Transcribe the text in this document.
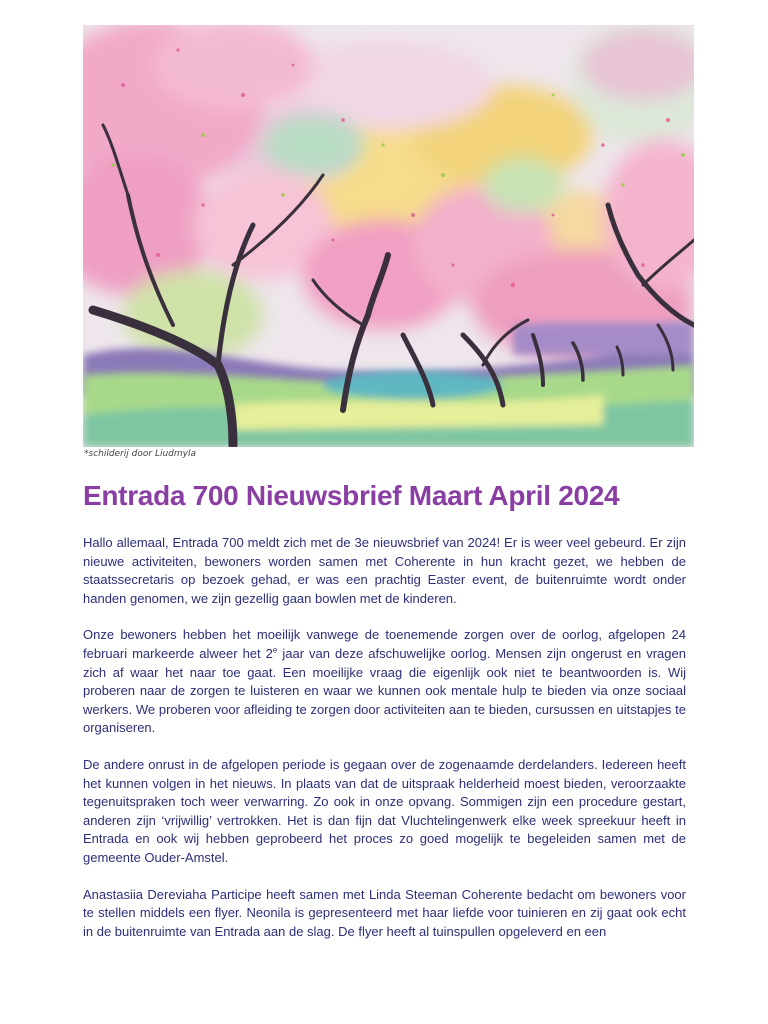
*schilderij door Liudmyla
Entrada 700 Nieuwsbrief Maart April 2024

Hallo allemaal, Entrada 700 meldt zich met de 3e nieuwsbrief van 2024! Er is weer veel gebeurd. Er zijn nieuwe activiteiten, bewoners worden samen met Coherente in hun kracht gezet, we hebben de staatssecretaris op bezoek gehad, er was een prachtig Easter event, de buitenruimte wordt onder handen genomen, we zijn gezellig gaan bowlen met de kinderen.

Onze bewoners hebben het moeilijk vanwege de toenemende zorgen over de oorlog, afgelopen 24 februari markeerde alweer het 2e jaar van deze afschuwelijke oorlog. Mensen zijn ongerust en vragen zich af waar het naar toe gaat. Een moeilijke vraag die eigenlijk ook niet te beantwoorden is. Wij proberen naar de zorgen te luisteren en waar we kunnen ook mentale hulp te bieden via onze sociaal werkers. We proberen voor afleiding te zorgen door activiteiten aan te bieden, cursussen en uitstapjes te organiseren.

De andere onrust in de afgelopen periode is gegaan over de zogenaamde derdelanders. Iedereen heeft het kunnen volgen in het nieuws. In plaats van dat de uitspraak helderheid moest bieden, veroorzaakte tegenuitspraken toch weer verwarring. Zo ook in onze opvang. Sommigen zijn een procedure gestart, anderen zijn ‘vrijwillig’ vertrokken. Het is dan fijn dat Vluchtelingenwerk elke week spreekuur heeft in Entrada en ook wij hebben geprobeerd het proces zo goed mogelijk te begeleiden samen met de gemeente Ouder-Amstel.

Anastasiia Dereviaha Participe heeft samen met Linda Steeman Coherente bedacht om bewoners voor te stellen middels een flyer. Neonila is gepresenteerd met haar liefde voor tuinieren en zij gaat ook echt in de buitenruimte van Entrada aan de slag. De flyer heeft al tuinspullen opgeleverd en een
